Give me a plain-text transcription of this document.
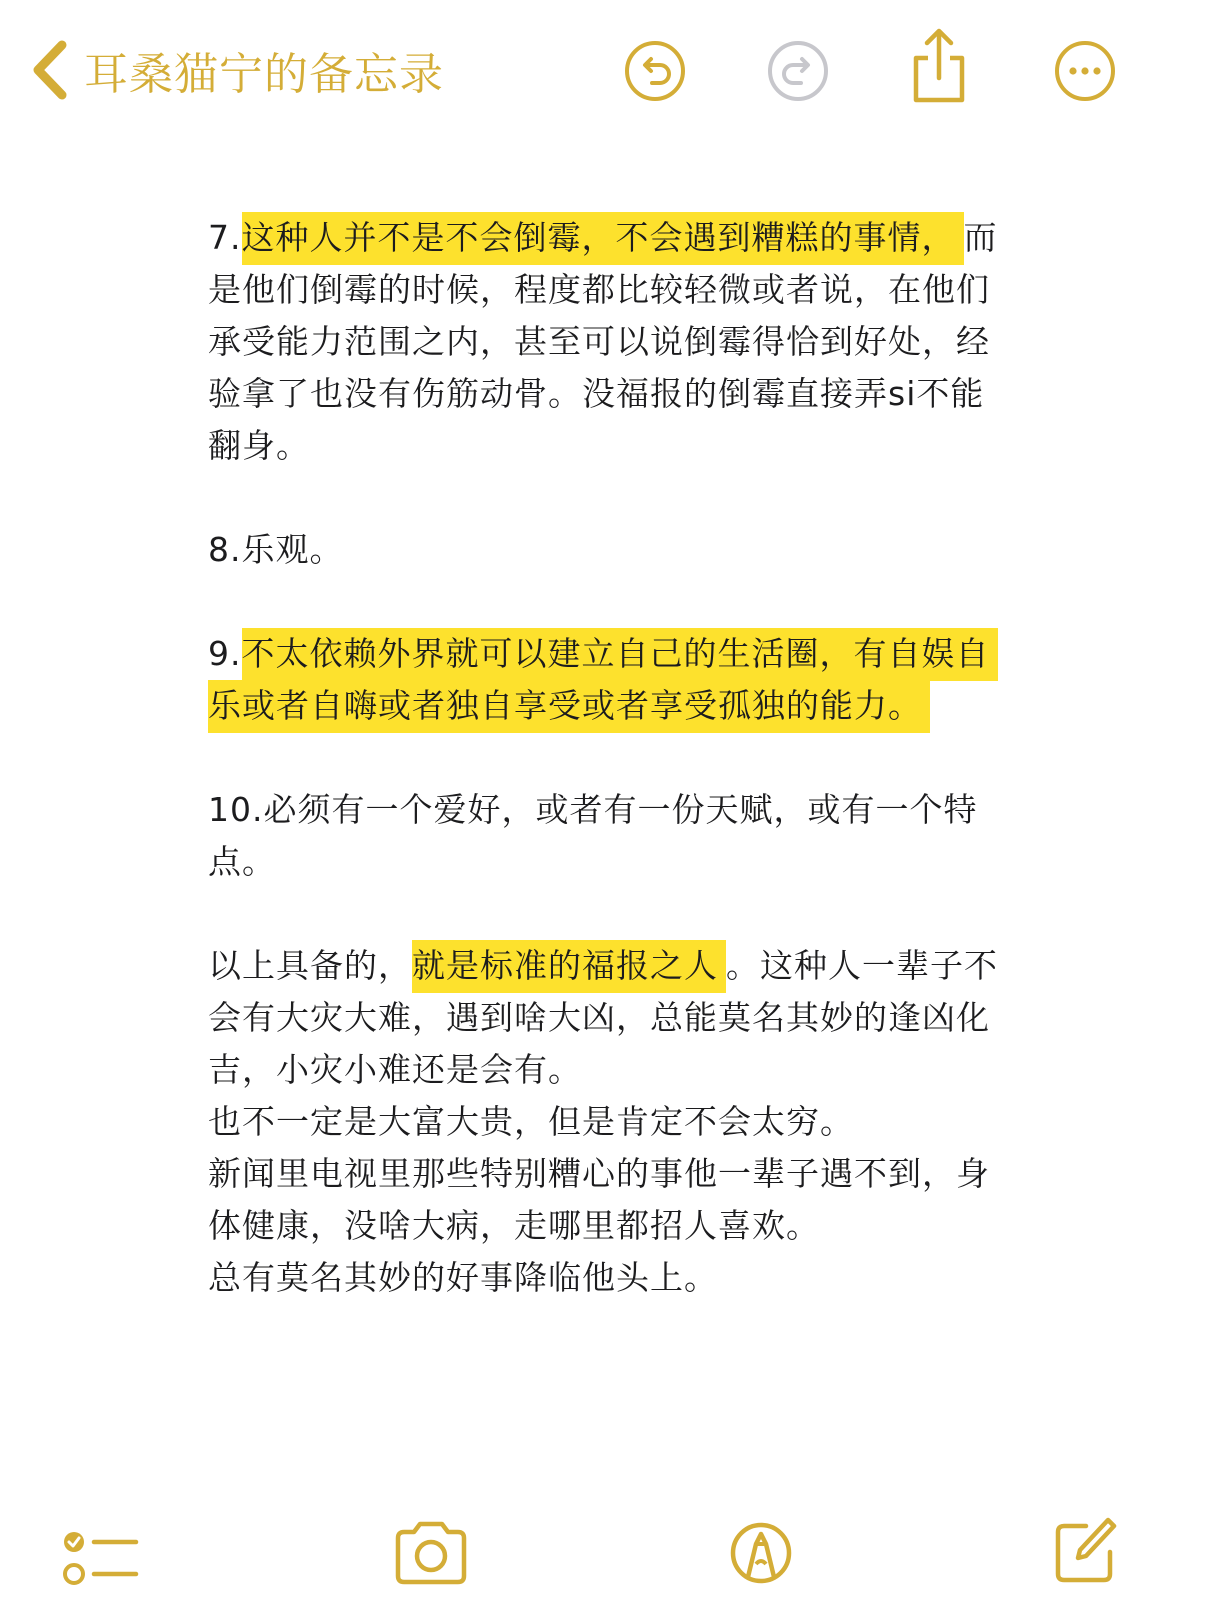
耳桑猫宁的备忘录

7.这种人并不是不会倒霉，不会遇到糟糕的事情， 而是他们倒霉的时候，程度都比较轻微或者说，在他们承受能力范围之内，甚至可以说倒霉得恰到好处，经验拿了也没有伤筋动骨。没福报的倒霉直接弄si不能翻身。

8.乐观。

9.不太依赖外界就可以建立自己的生活圈，有自娱自乐或者自嗨或者独自享受或者享受孤独的能力。

10.必须有一个爱好，或者有一份天赋，或有一个特点。

以上具备的，就是标准的福报之人 。这种人一辈子不会有大灾大难，遇到啥大凶，总能莫名其妙的逢凶化吉，小灾小难还是会有。

也不一定是大富大贵，但是肯定不会太穷。

新闻里电视里那些特别糟心的事他一辈子遇不到，身体健康，没啥大病，走哪里都招人喜欢。

总有莫名其妙的好事降临他头上。
